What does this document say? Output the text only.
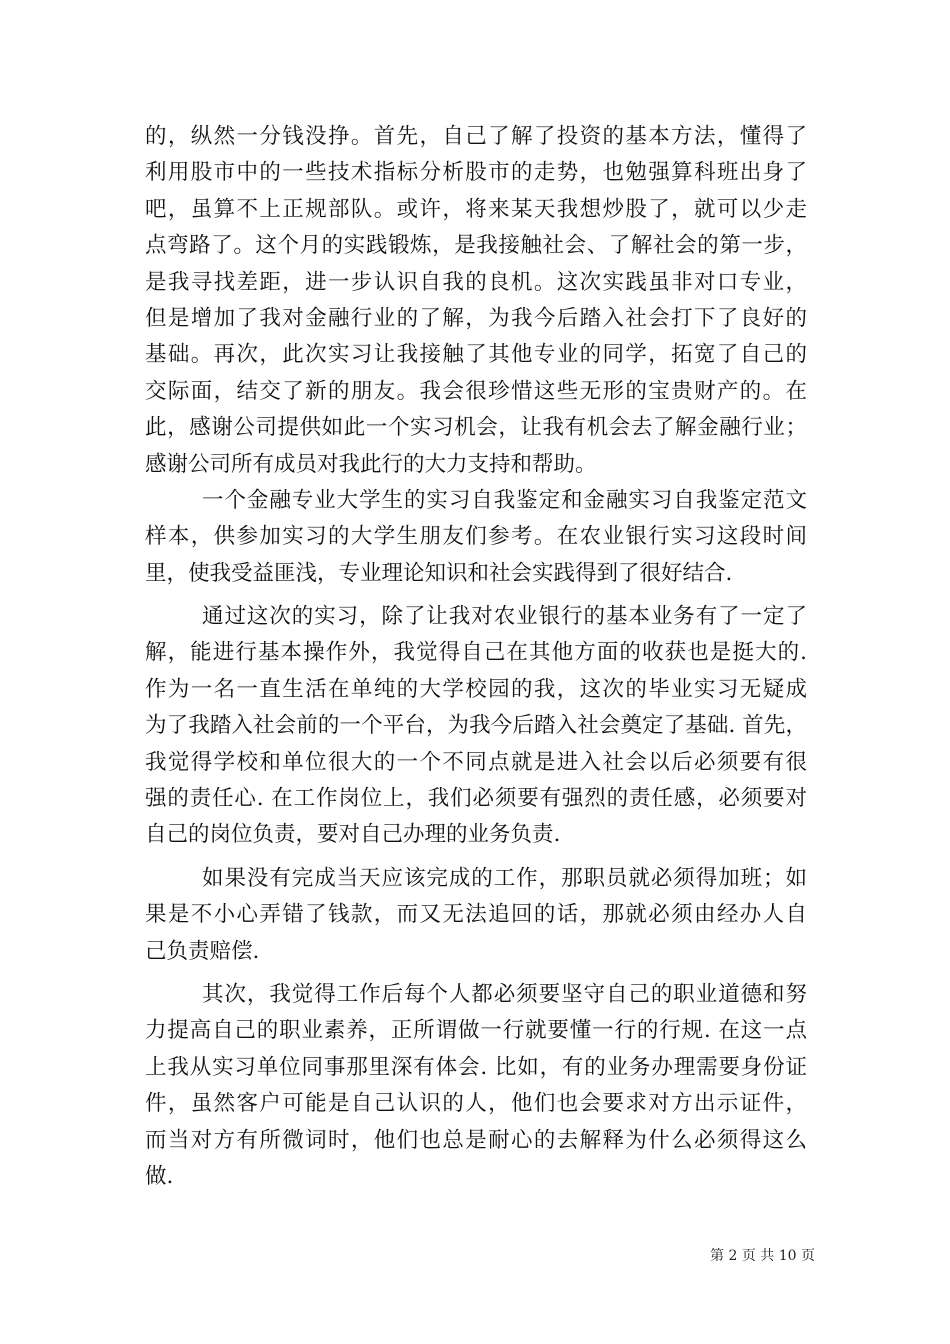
的，纵然一分钱没挣。首先，自己了解了投资的基本方法，懂得了
利用股市中的一些技术指标分析股市的走势，也勉强算科班出身了
吧，虽算不上正规部队。或许，将来某天我想炒股了，就可以少走
点弯路了。这个月的实践锻炼，是我接触社会、了解社会的第一步，
是我寻找差距，进一步认识自我的良机。这次实践虽非对口专业，
但是增加了我对金融行业的了解，为我今后踏入社会打下了良好的
基础。再次，此次实习让我接触了其他专业的同学，拓宽了自己的
交际面，结交了新的朋友。我会很珍惜这些无形的宝贵财产的。在
此，感谢公司提供如此一个实习机会，让我有机会去了解金融行业；
感谢公司所有成员对我此行的大力支持和帮助。
一个金融专业大学生的实习自我鉴定和金融实习自我鉴定范文
样本，供参加实习的大学生朋友们参考。在农业银行实习这段时间
里，使我受益匪浅，专业理论知识和社会实践得到了很好结合.
通过这次的实习，除了让我对农业银行的基本业务有了一定了
解，能进行基本操作外，我觉得自己在其他方面的收获也是挺大的.
作为一名一直生活在单纯的大学校园的我，这次的毕业实习无疑成
为了我踏入社会前的一个平台，为我今后踏入社会奠定了基础. 首先，
我觉得学校和单位很大的一个不同点就是进入社会以后必须要有很
强的责任心. 在工作岗位上，我们必须要有强烈的责任感，必须要对
自己的岗位负责，要对自己办理的业务负责.
如果没有完成当天应该完成的工作，那职员就必须得加班；如
果是不小心弄错了钱款，而又无法追回的话，那就必须由经办人自
己负责赔偿.
其次，我觉得工作后每个人都必须要坚守自己的职业道德和努
力提高自己的职业素养，正所谓做一行就要懂一行的行规. 在这一点
上我从实习单位同事那里深有体会. 比如，有的业务办理需要身份证
件，虽然客户可能是自己认识的人，他们也会要求对方出示证件，
而当对方有所微词时，他们也总是耐心的去解释为什么必须得这么
做.
第 2 页 共 10 页
